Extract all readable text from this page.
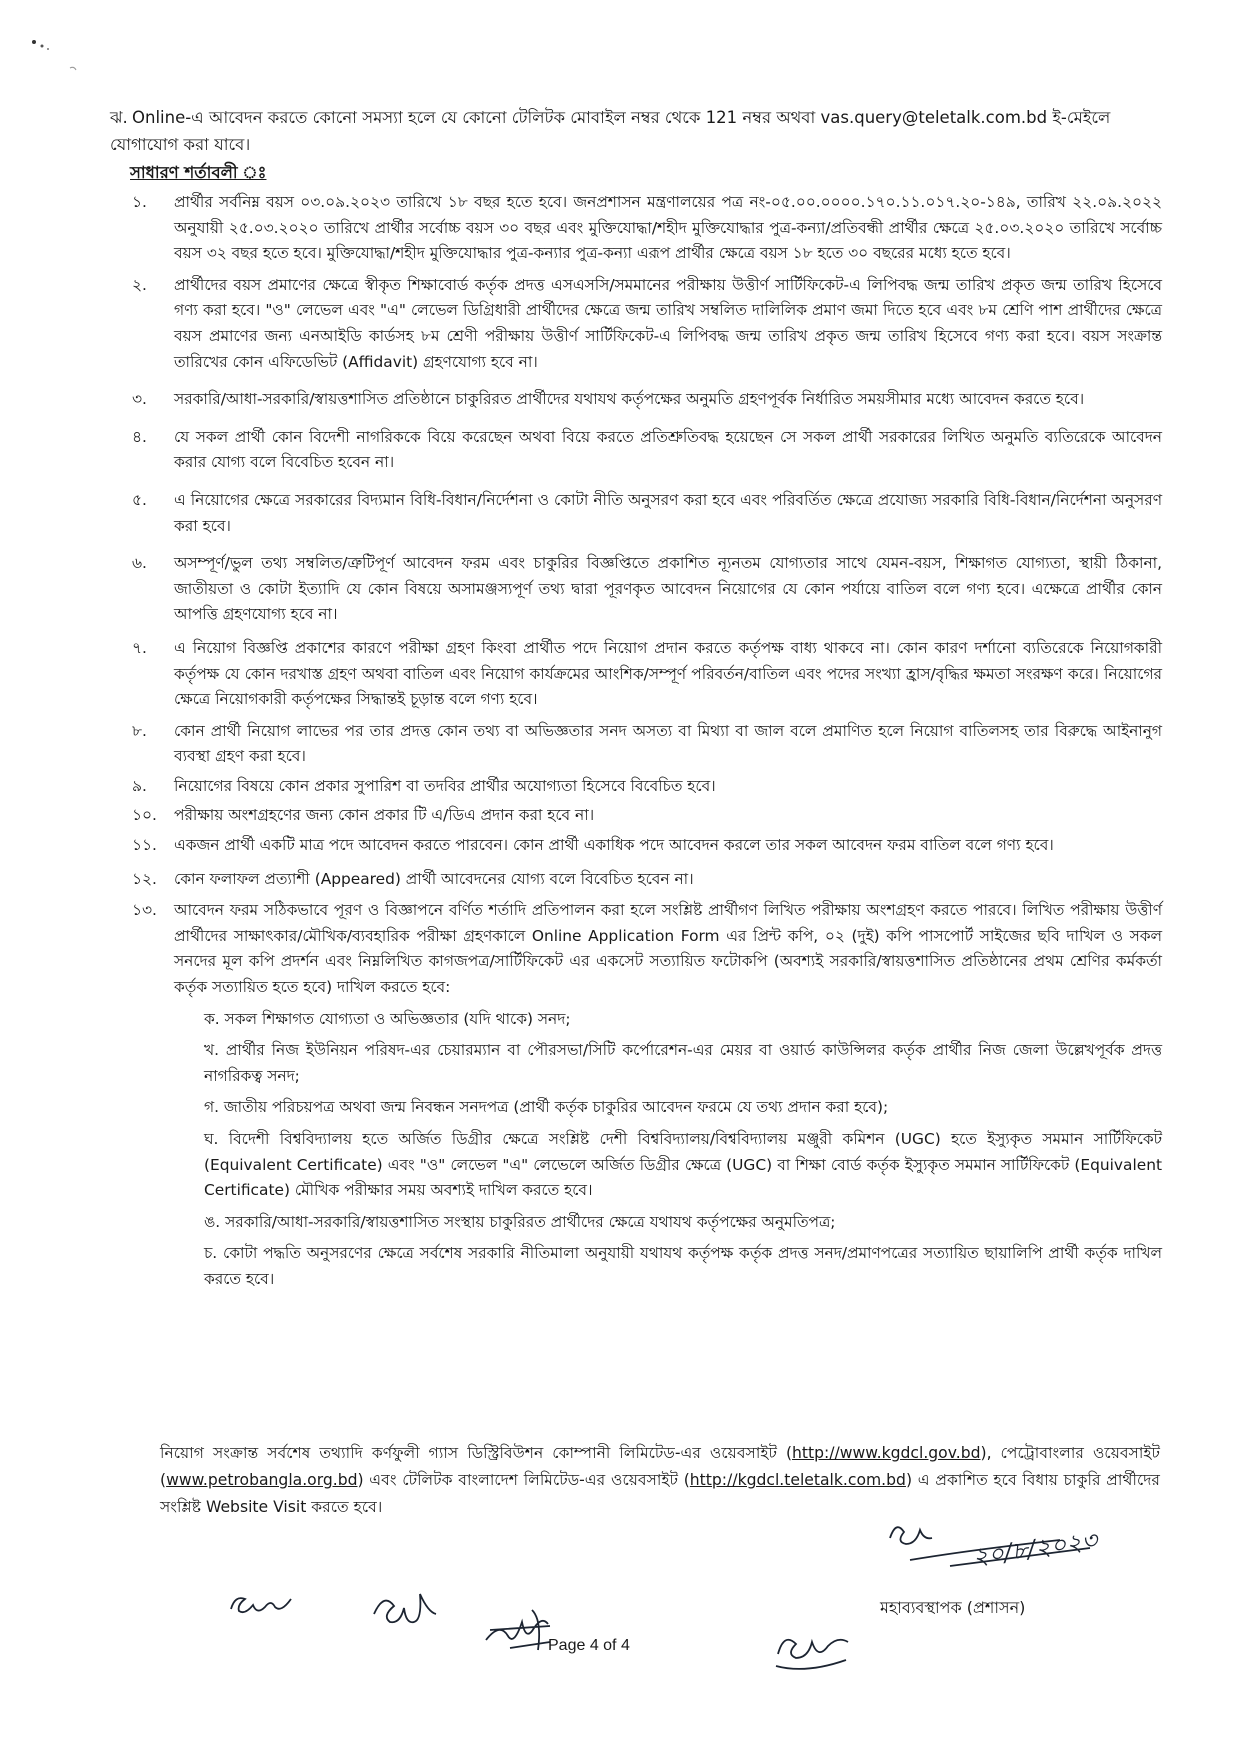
ঝ. Online-এ আবেদন করতে কোনো সমস্যা হলে যে কোনো টেলিটক মোবাইল নম্বর থেকে 121 নম্বর অথবা vas.query@teletalk.com.bd ই-মেইলে যোগাযোগ করা যাবে।
সাধারণ শর্তাবলী ঃ
১.	প্রার্থীর সর্বনিম্ন বয়স ০৩.০৯.২০২৩ তারিখে ১৮ বছর হতে হবে। জনপ্রশাসন মন্ত্রণালয়ের পত্র নং-০৫.০০.০০০০.১৭০.১১.০১৭.২০-১৪৯, তারিখ ২২.০৯.২০২২ অনুযায়ী ২৫.০৩.২০২০ তারিখে প্রার্থীর সর্বোচ্চ বয়স ৩০ বছর এবং মুক্তিযোদ্ধা/শহীদ মুক্তিযোদ্ধার পুত্র-কন্যা/প্রতিবন্ধী প্রার্থীর ক্ষেত্রে ২৫.০৩.২০২০ তারিখে সর্বোচ্চ বয়স ৩২ বছর হতে হবে। মুক্তিযোদ্ধা/শহীদ মুক্তিযোদ্ধার পুত্র-কন্যার পুত্র-কন্যা এরূপ প্রার্থীর ক্ষেত্রে বয়স ১৮ হতে ৩০ বছরের মধ্যে হতে হবে।
২.	প্রার্থীদের বয়স প্রমাণের ক্ষেত্রে স্বীকৃত শিক্ষাবোর্ড কর্তৃক প্রদত্ত এসএসসি/সমমানের পরীক্ষায় উত্তীর্ণ সার্টিফিকেট-এ লিপিবদ্ধ জন্ম তারিখ প্রকৃত জন্ম তারিখ হিসেবে গণ্য করা হবে। "ও" লেভেল এবং "এ" লেভেল ডিগ্রিধারী প্রার্থীদের ক্ষেত্রে জন্ম তারিখ সম্বলিত দালিলিক প্রমাণ জমা দিতে হবে এবং ৮ম শ্রেণি পাশ প্রার্থীদের ক্ষেত্রে বয়স প্রমাণের জন্য এনআইডি কার্ডসহ ৮ম শ্রেণী পরীক্ষায় উত্তীর্ণ সার্টিফিকেট-এ লিপিবদ্ধ জন্ম তারিখ প্রকৃত জন্ম তারিখ হিসেবে গণ্য করা হবে। বয়স সংক্রান্ত তারিখের কোন এফিডেভিট (Affidavit) গ্রহণযোগ্য হবে না।
৩.	সরকারি/আধা-সরকারি/স্বায়ত্তশাসিত প্রতিষ্ঠানে চাকুরিরত প্রার্থীদের যথাযথ কর্তৃপক্ষের অনুমতি গ্রহণপূর্বক নির্ধারিত সময়সীমার মধ্যে আবেদন করতে হবে।
৪.	যে সকল প্রার্থী কোন বিদেশী নাগরিককে বিয়ে করেছেন অথবা বিয়ে করতে প্রতিশ্রুতিবদ্ধ হয়েছেন সে সকল প্রার্থী সরকারের লিখিত অনুমতি ব্যতিরেকে আবেদন করার যোগ্য বলে বিবেচিত হবেন না।
৫.	এ নিয়োগের ক্ষেত্রে সরকারের বিদ্যমান বিধি-বিধান/নির্দেশনা ও কোটা নীতি অনুসরণ করা হবে এবং পরিবর্তিত ক্ষেত্রে প্রযোজ্য সরকারি বিধি-বিধান/নির্দেশনা অনুসরণ করা হবে।
৬.	অসম্পূর্ণ/ভুল তথ্য সম্বলিত/ত্রুটিপূর্ণ আবেদন ফরম এবং চাকুরির বিজ্ঞপ্তিতে প্রকাশিত ন্যূনতম যোগ্যতার সাথে যেমন-বয়স, শিক্ষাগত যোগ্যতা, স্থায়ী ঠিকানা, জাতীয়তা ও কোটা ইত্যাদি যে কোন বিষয়ে অসামঞ্জস্যপূর্ণ তথ্য দ্বারা পূরণকৃত আবেদন নিয়োগের যে কোন পর্যায়ে বাতিল বলে গণ্য হবে। এক্ষেত্রে প্রার্থীর কোন আপত্তি গ্রহণযোগ্য হবে না।
৭.	এ নিয়োগ বিজ্ঞপ্তি প্রকাশের কারণে পরীক্ষা গ্রহণ কিংবা প্রার্থীত পদে নিয়োগ প্রদান করতে কর্তৃপক্ষ বাধ্য থাকবে না। কোন কারণ দর্শানো ব্যতিরেকে নিয়োগকারী কর্তৃপক্ষ যে কোন দরখাস্ত গ্রহণ অথবা বাতিল এবং নিয়োগ কার্যক্রমের আংশিক/সম্পূর্ণ পরিবর্তন/বাতিল এবং পদের সংখ্যা হ্রাস/বৃদ্ধির ক্ষমতা সংরক্ষণ করে। নিয়োগের ক্ষেত্রে নিয়োগকারী কর্তৃপক্ষের সিদ্ধান্তই চূড়ান্ত বলে গণ্য হবে।
৮.	কোন প্রার্থী নিয়োগ লাভের পর তার প্রদত্ত কোন তথ্য বা অভিজ্ঞতার সনদ অসত্য বা মিথ্যা বা জাল বলে প্রমাণিত হলে নিয়োগ বাতিলসহ তার বিরুদ্ধে আইনানুগ ব্যবস্থা গ্রহণ করা হবে।
৯.	নিয়োগের বিষয়ে কোন প্রকার সুপারিশ বা তদবির প্রার্থীর অযোগ্যতা হিসেবে বিবেচিত হবে।
১০.	পরীক্ষায় অংশগ্রহণের জন্য কোন প্রকার টি এ/ডিএ প্রদান করা হবে না।
১১.	একজন প্রার্থী একটি মাত্র পদে আবেদন করতে পারবেন। কোন প্রার্থী একাধিক পদে আবেদন করলে তার সকল আবেদন ফরম বাতিল বলে গণ্য হবে।
১২.	কোন ফলাফল প্রত্যাশী (Appeared) প্রার্থী আবেদনের যোগ্য বলে বিবেচিত হবেন না।
১৩.	আবেদন ফরম সঠিকভাবে পূরণ ও বিজ্ঞাপনে বর্ণিত শর্তাদি প্রতিপালন করা হলে সংশ্লিষ্ট প্রার্থীগণ লিখিত পরীক্ষায় অংশগ্রহণ করতে পারবে। লিখিত পরীক্ষায় উত্তীর্ণ প্রার্থীদের সাক্ষাৎকার/মৌখিক/ব্যবহারিক পরীক্ষা গ্রহণকালে Online Application Form এর প্রিন্ট কপি, ০২ (দুই) কপি পাসপোর্ট সাইজের ছবি দাখিল ও সকল সনদের মূল কপি প্রদর্শন এবং নিম্নলিখিত কাগজপত্র/সার্টিফিকেট এর একসেট সত্যায়িত ফটোকপি (অবশ্যই সরকারি/স্বায়ত্তশাসিত প্রতিষ্ঠানের প্রথম শ্রেণির কর্মকর্তা কর্তৃক সত্যায়িত হতে হবে) দাখিল করতে হবে:
ক. সকল শিক্ষাগত যোগ্যতা ও অভিজ্ঞতার (যদি থাকে) সনদ;
খ. প্রার্থীর নিজ ইউনিয়ন পরিষদ-এর চেয়ারম্যান বা পৌরসভা/সিটি কর্পোরেশন-এর মেয়র বা ওয়ার্ড কাউন্সিলর কর্তৃক প্রার্থীর নিজ জেলা উল্লেখপূর্বক প্রদত্ত নাগরিকত্ব সনদ;
গ. জাতীয় পরিচয়পত্র অথবা জন্ম নিবন্ধন সনদপত্র (প্রার্থী কর্তৃক চাকুরির আবেদন ফরমে যে তথ্য প্রদান করা হবে);
ঘ. বিদেশী বিশ্ববিদ্যালয় হতে অর্জিত ডিগ্রীর ক্ষেত্রে সংশ্লিষ্ট দেশী বিশ্ববিদ্যালয়/বিশ্ববিদ্যালয় মঞ্জুরী কমিশন (UGC) হতে ইস্যুকৃত সমমান সার্টিফিকেট (Equivalent Certificate) এবং "ও" লেভেল "এ" লেভেলে অর্জিত ডিগ্রীর ক্ষেত্রে (UGC) বা শিক্ষা বোর্ড কর্তৃক ইস্যুকৃত সমমান সার্টিফিকেট (Equivalent Certificate) মৌখিক পরীক্ষার সময় অবশ্যই দাখিল করতে হবে।
ঙ. সরকারি/আধা-সরকারি/স্বায়ত্তশাসিত সংস্থায় চাকুরিরত প্রার্থীদের ক্ষেত্রে যথাযথ কর্তৃপক্ষের অনুমতিপত্র;
চ. কোটা পদ্ধতি অনুসরণের ক্ষেত্রে সর্বশেষ সরকারি নীতিমালা অনুযায়ী যথাযথ কর্তৃপক্ষ কর্তৃক প্রদত্ত সনদ/প্রমাণপত্রের সত্যায়িত ছায়ালিপি প্রার্থী কর্তৃক দাখিল করতে হবে।
নিয়োগ সংক্রান্ত সর্বশেষ তথ্যাদি কর্ণফুলী গ্যাস ডিস্ট্রিবিউশন কোম্পানী লিমিটেড-এর ওয়েবসাইট (http://www.kgdcl.gov.bd), পেট্রোবাংলার ওয়েবসাইট (www.petrobangla.org.bd) এবং টেলিটক বাংলাদেশ লিমিটেড-এর ওয়েবসাইট (http://kgdcl.teletalk.com.bd) এ প্রকাশিত হবে বিধায় চাকুরি প্রার্থীদের সংশ্লিষ্ট Website Visit করতে হবে।
২০/৮/২০২৩
মহাব্যবস্থাপক (প্রশাসন)
Page 4 of 4
